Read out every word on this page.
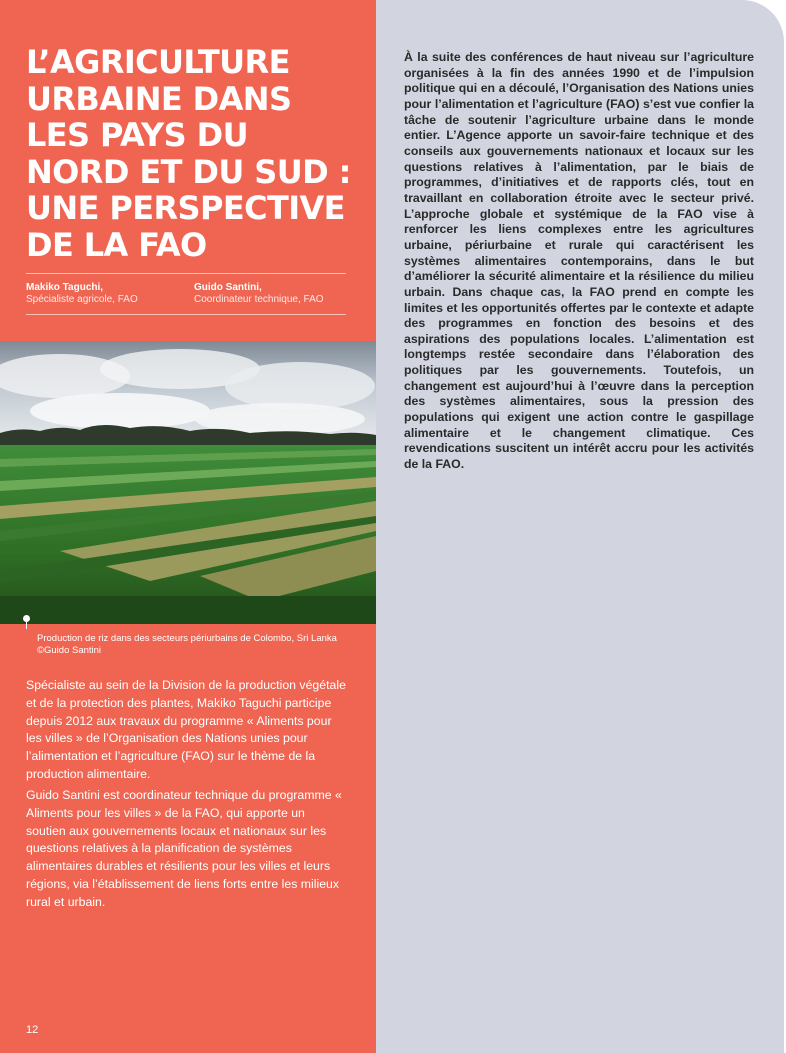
L’AGRICULTURE
URBAINE DANS
LES PAYS DU
NORD ET DU SUD :
UNE PERSPECTIVE
DE LA FAO
Makiko Taguchi,
Spécialiste agricole, FAO
Guido Santini,
Coordinateur technique, FAO
Production de riz dans des secteurs périurbains de Colombo, Sri Lanka
©Guido Santini

Spécialiste au sein de la Division de la production végétale et de la protection des plantes, Makiko Taguchi participe depuis 2012 aux travaux du programme « Aliments pour les villes » de l’Organisation des Nations unies pour l’alimentation et l’agriculture (FAO) sur le thème de la production alimentaire.

Guido Santini est coordinateur technique du programme « Aliments pour les villes » de la FAO, qui apporte un soutien aux gouvernements locaux et nationaux sur les questions relatives à la planification de systèmes alimentaires durables et résilients pour les villes et leurs régions, via l’établissement de liens forts entre les milieux rural et urbain.

12

À la suite des conférences de haut niveau sur l’agriculture organisées à la fin des années 1990 et de l’impulsion politique qui en a découlé, l’Organisation des Nations unies pour l’alimentation et l’agriculture (FAO) s’est vue confier la tâche de soutenir l’agriculture urbaine dans le monde entier. L’Agence apporte un savoir-faire technique et des conseils aux gouvernements nationaux et locaux sur les questions relatives à l’alimentation, par le biais de programmes, d’initiatives et de rapports clés, tout en travaillant en collaboration étroite avec le secteur privé. L’approche globale et systémique de la FAO vise à renforcer les liens complexes entre les agricultures urbaine, périurbaine et rurale qui caractérisent les systèmes alimentaires contemporains, dans le but d’améliorer la sécurité alimentaire et la résilience du milieu urbain. Dans chaque cas, la FAO prend en compte les limites et les opportunités offertes par le contexte et adapte des programmes en fonction des besoins et des aspirations des populations locales. L’alimentation est longtemps restée secondaire dans l’élaboration des politiques par les gouvernements. Toutefois, un changement est aujourd’hui à l’œuvre dans la perception des systèmes alimentaires, sous la pression des populations qui exigent une action contre le gaspillage alimentaire et le changement climatique. Ces revendications suscitent un intérêt accru pour les activités de la FAO.
